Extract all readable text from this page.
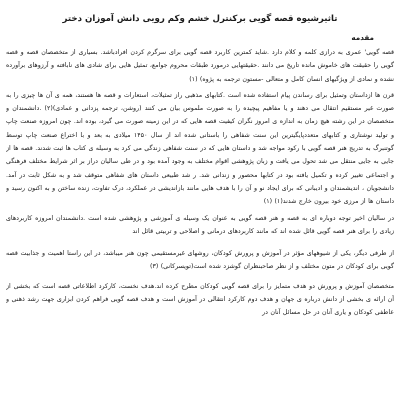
تاثیرشیوه قصه گویی برکنترل خشم وکم رویی دانش آموزان دختر
مقدمه

قصه گویی' عمری به درازی کلمه و کلام دارد .شاید کمترین کاربرد قصه گویی برای سرگرم کردن افرادباشد. بسیاری از متخصصان قصه و قصه گویی را حقیقت های خاموش مانده تاریخ می دانند .حقیقتهایی درمورد طبقات محروم جوامع، تمثیل هایی برای شادی های نابافته و آرزوهای برآورده نشده و نمادی از ویژگیهای انسان کامل و متعالی -مستون ترجمه به پژوه) (۱)

قرن ها ازداستان وتمثیل برای رساندن پیام استفاده شده است .کتابهای مذهبی راز تمثیلات، استعارات و قصه ها هستند، همه ی آن ها چیزی را به صورت غیر مستقیم انتقال می دهند و یا مفاهیم پیچیده را به صورت ملموس بیان می کنند (روشن، ترجمه پزدانی و عمادی)(۲) .دانشمندان و متخصصان در این رشته هیچ زمان به اندازه ی امروز نگران کیفیت قصه هایی که در این زمینه صورت می گیرد، بوده اند. چون امروزه صنعت چاپ و تولید نوشتاری و کتابهای متعددپایگیترین این سنت شفاهی را باستانی شده اند از سال ۱۴۵۰ میلادی به بعد و با اختراع صنعت چاپ توسط گوتنبرگ به تدریج هنر قصه گویی با رکود مواجه شد و داستان هایی که در سنت شفاهی زندگی می کرد به وسیله ی کتاب ها ثبت شدند. قصه ها از جایی به جایی منتقل می شد تحول می یافت و زبان پژوهشی اقوام مختلف به وجود آمده بود و در طی سالیان دراز بر اثر شرایط مختلف فرهنگی و اجتماعی تغییر کرده و تکمیل یافته بود در کتابها محصور و زندانی شد. ر شد طبیعی داستان های شفاهی متوقف شد و به شکل ثابت در آمد. دانشجویان ، اندیشمندان و ادیبانی که برای ایجاد نو و آن را با هدف هایی مانند بازاندیشی در عملکرد، درک تفاوت، زنده ساختن و به اکنون رسید و داستان ها از مرزی خود بیرون خارج شدند(۱) (۱)

در سالیان اخیر توجه دوباره ای به قصه و هنر قصه گویی به عنوان یک وسیله ی آموزشی و پژوهشی شده است .دانشمندان امروزه کاربردهای زیادی را برای هنر قصه گویی قائل شده اند که مانند کاربردهای درمانی و اصلاحی و تربیتی قائل اند

از طرفی دیگر، یکی از شیوههای مؤثر در آموزش و پرورش کودکان، روشهای غیرمستقیمی چون هنر میباشد، در این راستا اهمیت و جذابیت قصه گویی برای کودکان در متون مختلف و از نظر صاحبنظران گوشزد شده است(تویسرکانی) (۳)

متخصصان آموزش و پرورش دو هدف متمایز را برای قصه گویی کودکان مطرح کرده اند.هدف نخست، کارکرد اطلاعاتی قصه است که بخشی از آن ارائه ی بخشی از دانش درباره ی جهان و هدف دوم کارکرد انتقالی در آموزش است و هدف قصه گویی فراهم کردن ابزاری جهت رشد ذهنی و عاطفی کودکان و یاری آنان در حل مسائل آنان در
